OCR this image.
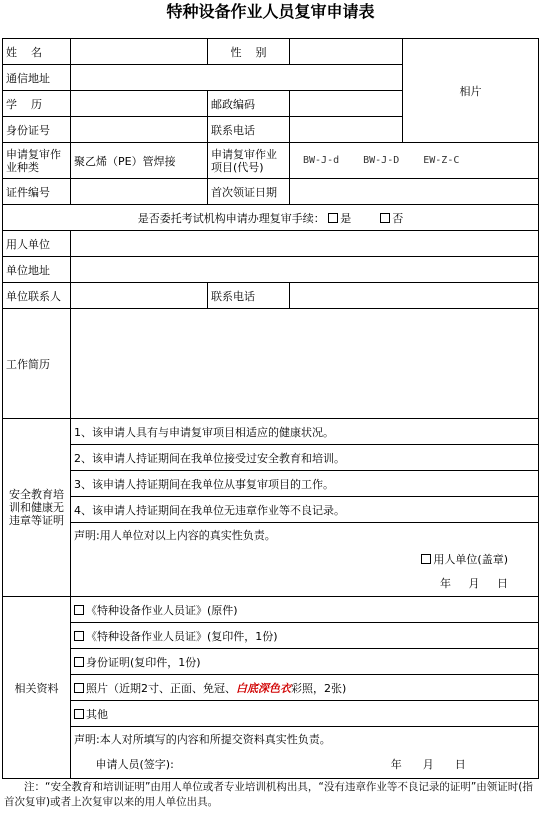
特种设备作业人员复审申请表
姓    名		性    别		相片
通信地址				
学    历		邮政编码		
身份证号		联系电话		
申请复审作业种类	聚乙烯（PE）管焊接	申请复审作业项目(代号)	BW-J-d BW-J-D EW-Z-C	
证件编号		首次领证日期		
是否委托考试机构申请办理复审手续： 是 否				
用人单位				
单位地址				
单位联系人		联系电话		
工作简历				
安全教育培训和健康无违章等证明	1、该申请人具有与申请复审项目相适应的健康状况。			
	2、该申请人持证期间在我单位接受过安全教育和培训。			
	3、该申请人持证期间在我单位从事复审项目的工作。			
	4、该申请人持证期间在我单位无违章作业等不良记录。			
	声明:用人单位对以上内容的真实性负责。			
	用人单位(盖章)			
	年     月     日			
相关资料	《特种设备作业人员证》(原件)			
	《特种设备作业人员证》(复印件，1份)			
	身份证明(复印件，1份)			
	照片（近期2寸、正面、免冠、白底深色衣彩照，2张)			
	其他			
	声明:本人对所填写的内容和所提交资料真实性负责。			
	申请人员(签字): 年      月      日			
注：“安全教育和培训证明”由用人单位或者专业培训机构出具，“没有违章作业等不良记录的证明”由领证时(指首次复审)或者上次复审以来的用人单位出具。
